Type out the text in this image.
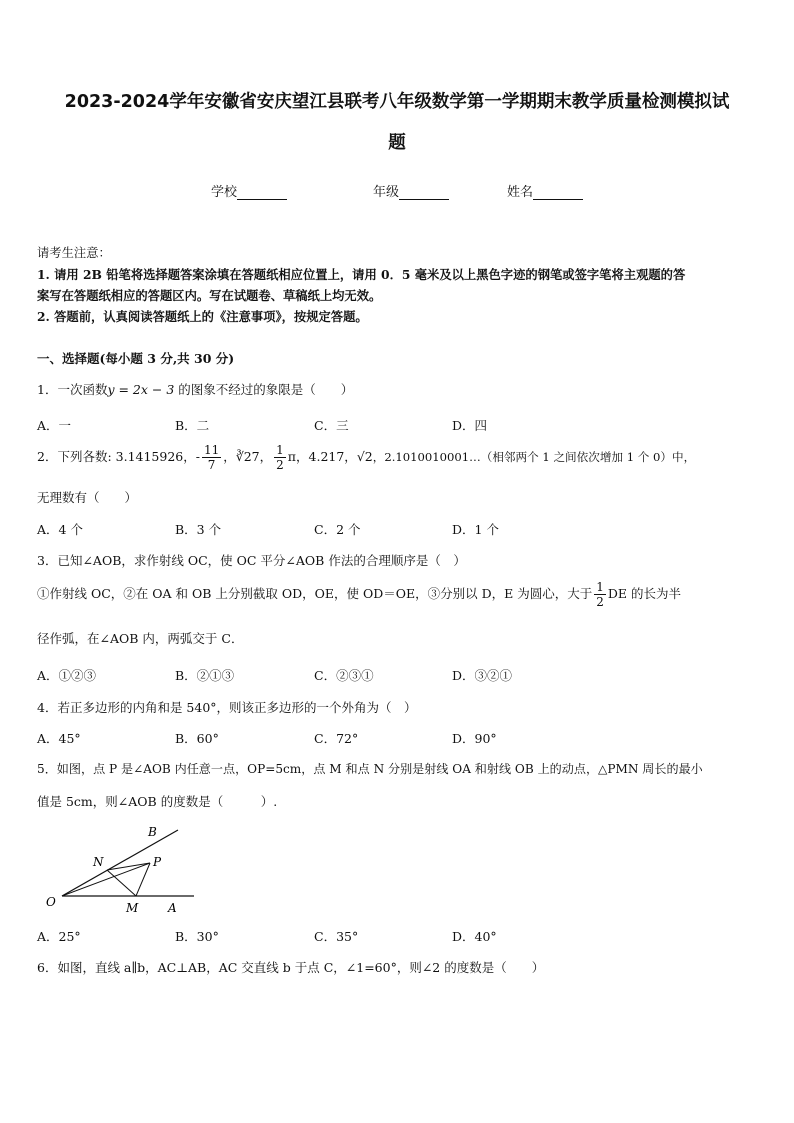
2023-2024学年安徽省安庆望江县联考八年级数学第一学期期末教学质量检测模拟试
题
学校	年级	姓名
请考生注意：
1. 请用 2B 铅笔将选择题答案涂填在答题纸相应位置上，请用 0．5 毫米及以上黑色字迹的钢笔或签字笔将主观题的答
案写在答题纸相应的答题区内。写在试题卷、草稿纸上均无效。
2. 答题前，认真阅读答题纸上的《注意事项》，按规定答题。
一、选择题(每小题 3 分,共 30 分)
1．一次函数y = 2x − 3 的图象不经过的象限是（　　）
A．一	B．二	C．三	D．四
2．下列各数: 3.1415926，- $\frac{11}{7}$ ，∛27， $\frac{1}{2}$ π，4.217，√2，2.1010010001…（相邻两个 1 之间依次增加 1 个 0）中，
无理数有（　　）
A．4 个	B．3 个	C．2 个	D．1 个
3．已知∠AOB，求作射线 OC，使 OC 平分∠AOB 作法的合理顺序是（　）
①作射线 OC，②在 OA 和 OB 上分别截取 OD，OE，使 OD＝OE，③分别以 D，E 为圆心，大于 $\frac{1}{2}$ DE 的长为半
径作弧，在∠AOB 内，两弧交于 C．
A．①②③	B．②①③	C．②③①	D．③②①
4．若正多边形的内角和是 540°，则该正多边形的一个外角为（　）
A．45°	B．60°	C．72°	D．90°
5．如图，点 P 是∠AOB 内任意一点，OP=5cm，点 M 和点 N 分别是射线 OA 和射线 OB 上的动点，△PMN 周长的最小
值是 5cm，则∠AOB 的度数是（　　　）.
B
N	P
O	M A
A．25°	B．30°	C．35°	D．40°
6．如图，直线 a∥b，AC⊥AB，AC 交直线 b 于点 C，∠1=60°，则∠2 的度数是（　　）
